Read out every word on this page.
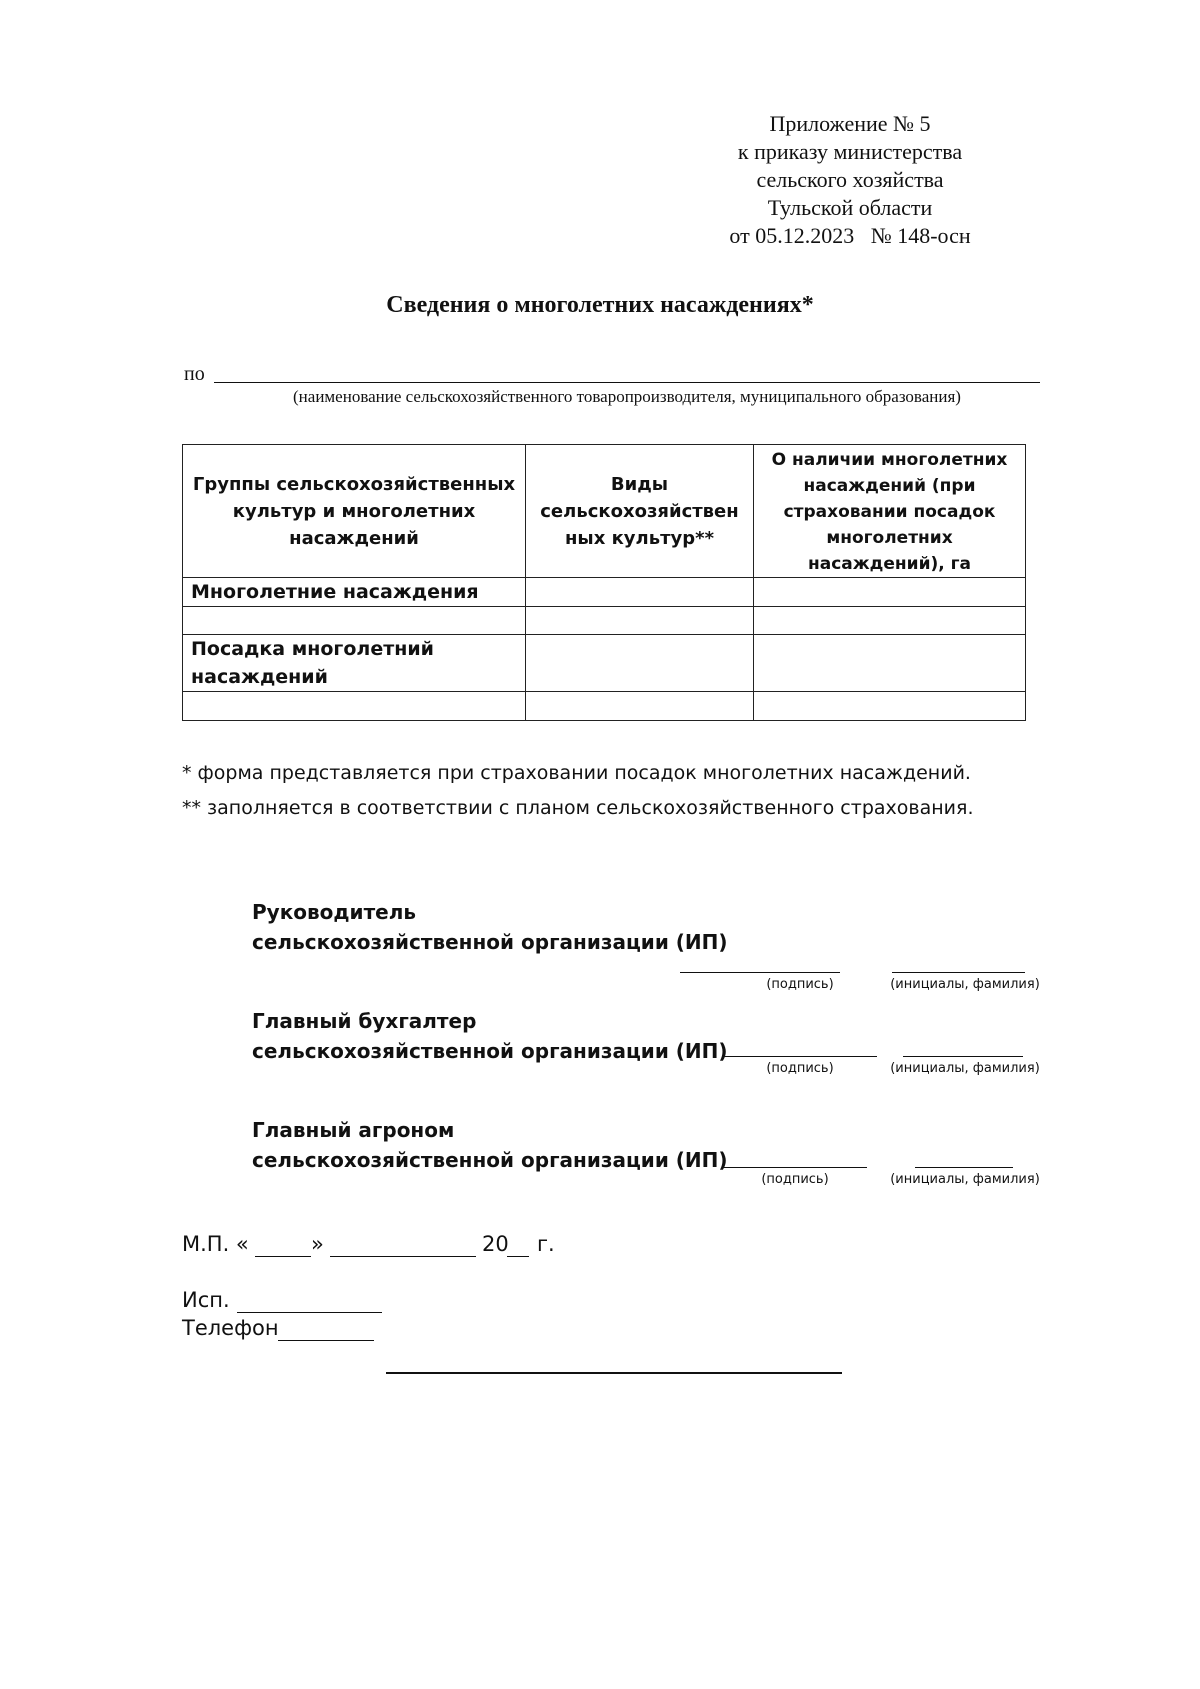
Приложение № 5
к приказу министерства
сельского хозяйства
Тульской области
от 05.12.2023   № 148-осн
Сведения о многолетних насаждениях*
по
(наименование сельскохозяйственного товаропроизводителя, муниципального образования)
Группы сельскохозяйственных культур и многолетних насаждений	Виды сельскохозяйствен ных культур**	О наличии многолетних насаждений (при страховании посадок многолетних насаждений), га
Многолетние насаждения		

Посадка многолетний насаждений		

* форма представляется при страховании посадок многолетних насаждений.
** заполняется в соответствии с планом сельскохозяйственного страхования.
Руководитель
сельскохозяйственной организации (ИП)
(подпись)	(инициалы, фамилия)
Главный бухгалтер
сельскохозяйственной организации (ИП)
(подпись)	(инициалы, фамилия)
Главный агроном
сельскохозяйственной организации (ИП)
(подпись)	(инициалы, фамилия)
М.П. «	»	20 г.
Исп.
Телефон
